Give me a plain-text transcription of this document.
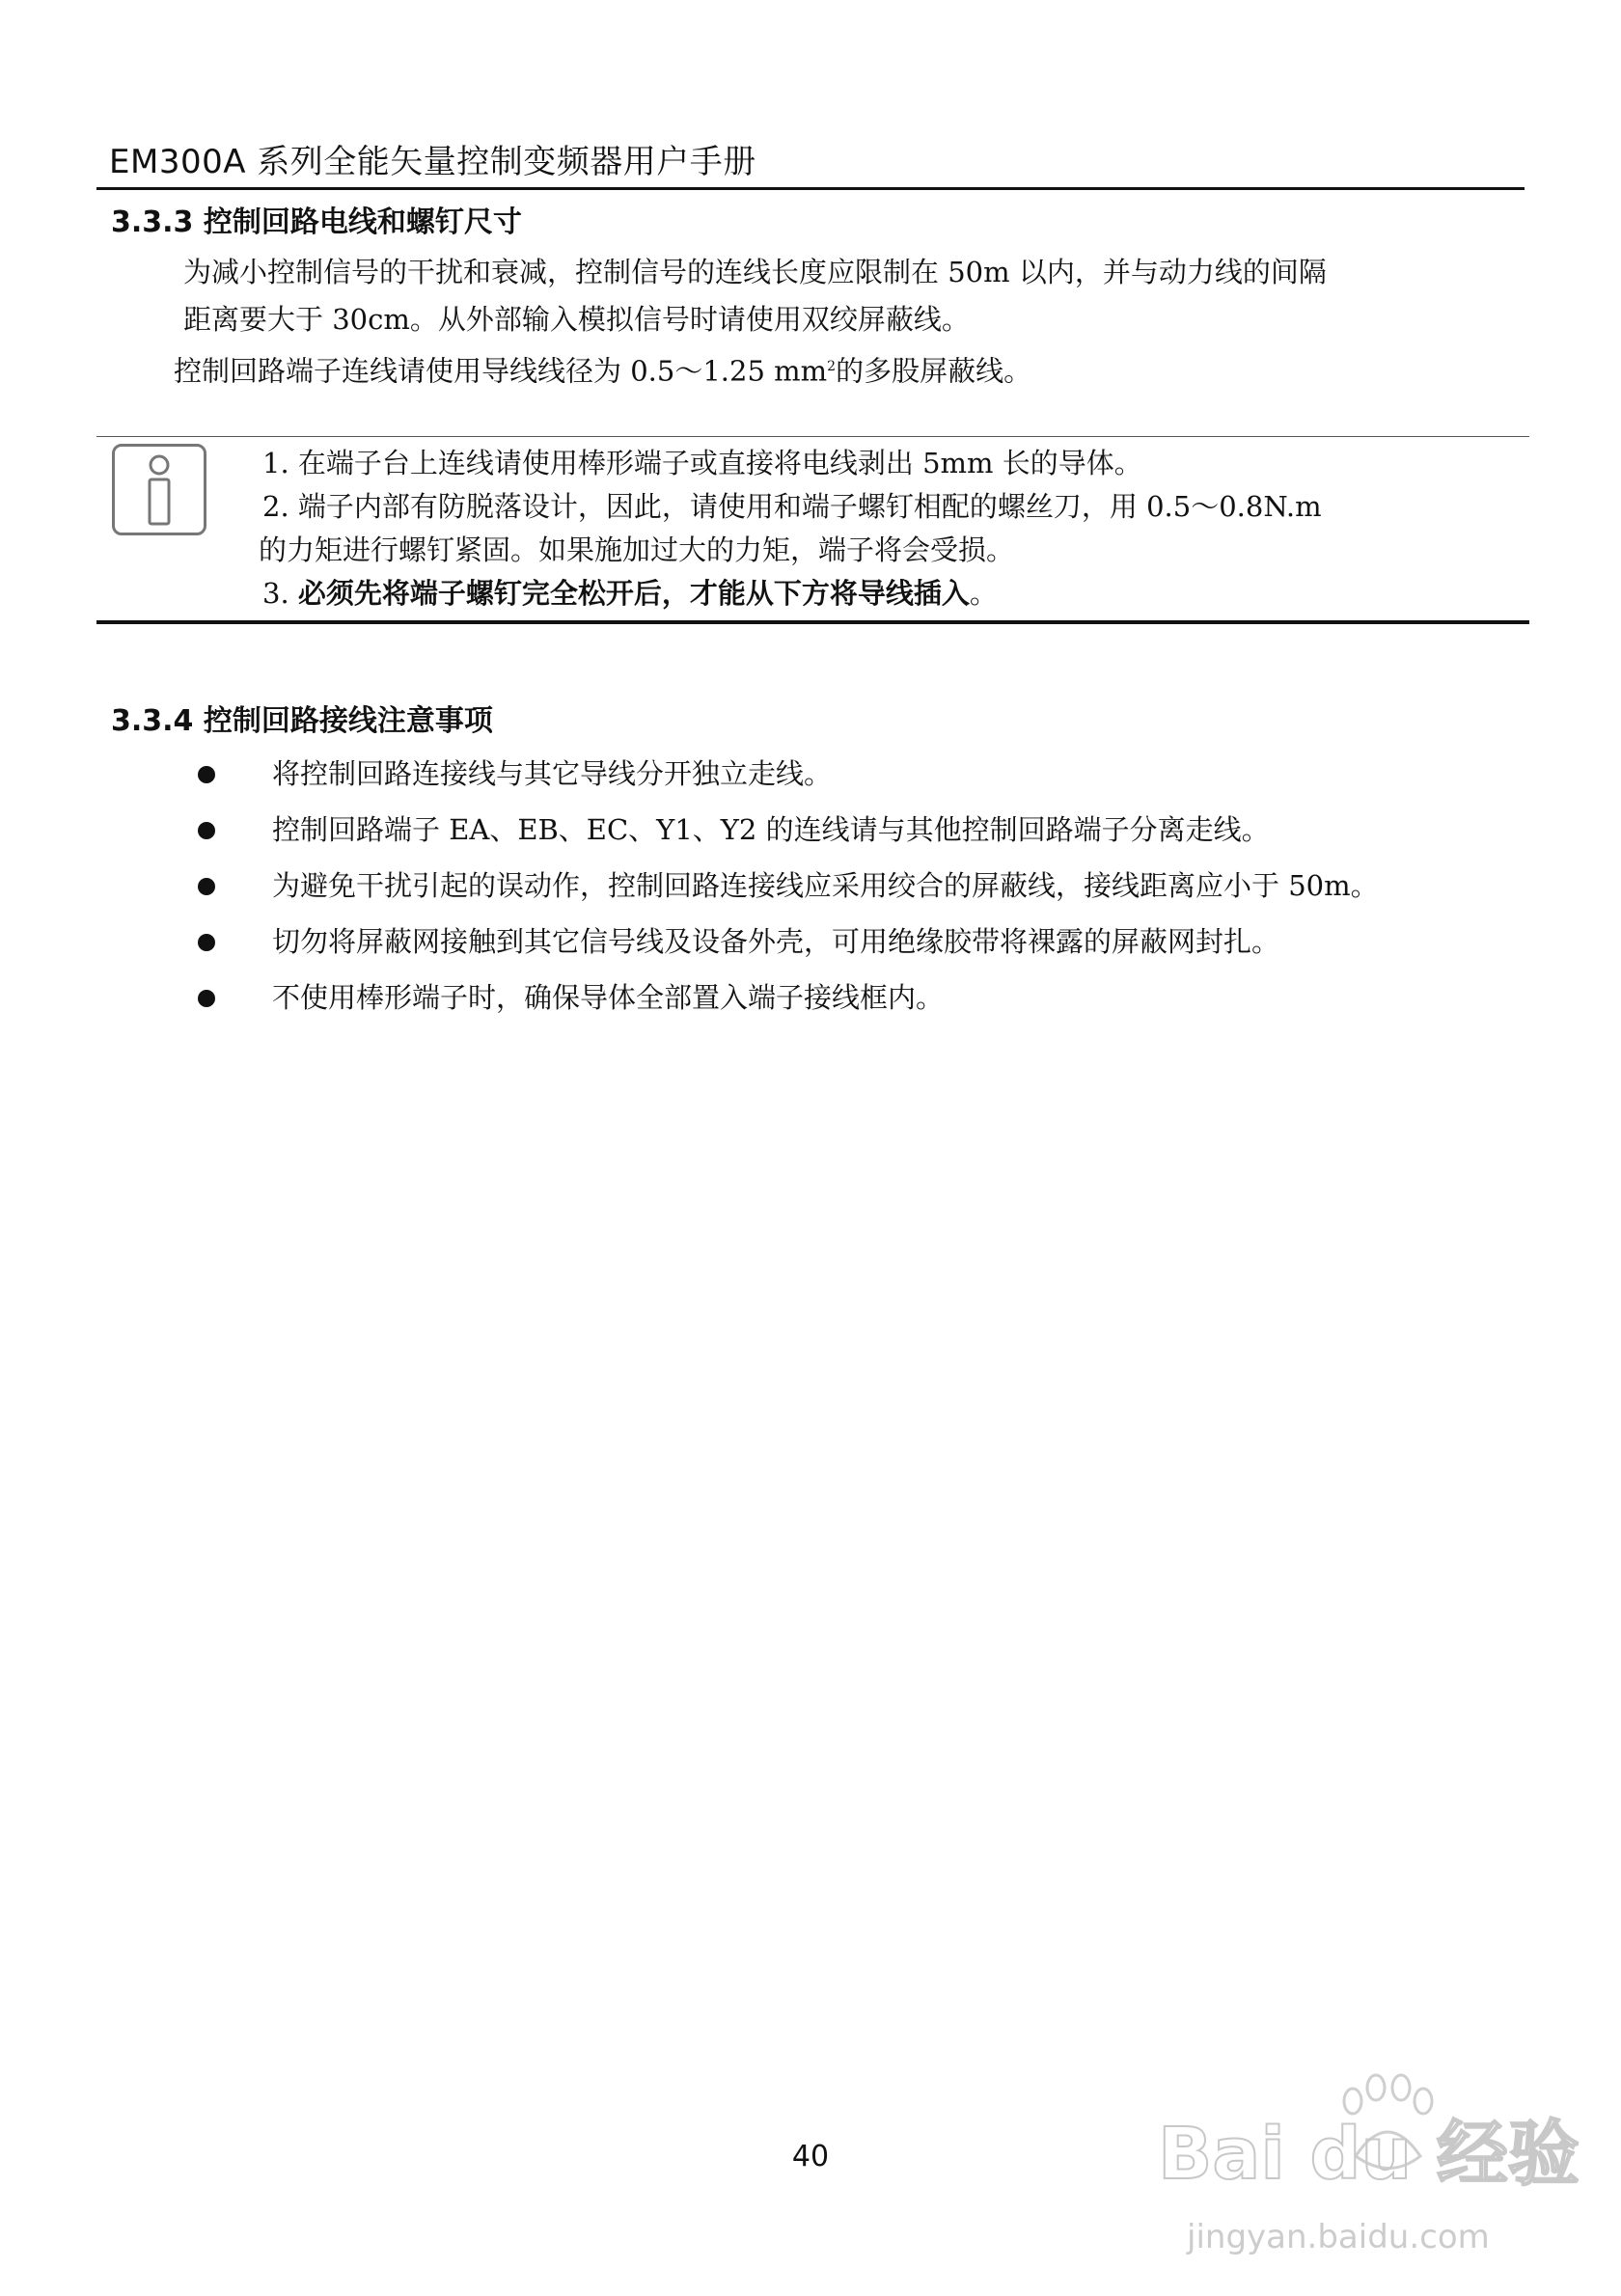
EM300A 系列全能矢量控制变频器用户手册
3.3.3 控制回路电线和螺钉尺寸
为减小控制信号的干扰和衰减，控制信号的连线长度应限制在 50m 以内，并与动力线的间隔
距离要大于 30cm。从外部输入模拟信号时请使用双绞屏蔽线。
控制回路端子连线请使用导线线径为 0.5～1.25 $mm^2$的多股屏蔽线。
1. 在端子台上连线请使用棒形端子或直接将电线剥出 5mm 长的导体。
2. 端子内部有防脱落设计，因此，请使用和端子螺钉相配的螺丝刀，用 0.5～0.8N.m
的力矩进行螺钉紧固。如果施加过大的力矩，端子将会受损。
3. 必须先将端子螺钉完全松开后，才能从下方将导线插入。
3.3.4 控制回路接线注意事项
将控制回路连接线与其它导线分开独立走线。
控制回路端子 EA、EB、EC、Y1、Y2 的连线请与其他控制回路端子分离走线。
为避免干扰引起的误动作，控制回路连接线应采用绞合的屏蔽线，接线距离应小于 50m。
切勿将屏蔽网接触到其它信号线及设备外壳，可用绝缘胶带将裸露的屏蔽网封扎。
不使用棒形端子时，确保导体全部置入端子接线框内。
40	Bai du 经验
jingyan.baidu.com
